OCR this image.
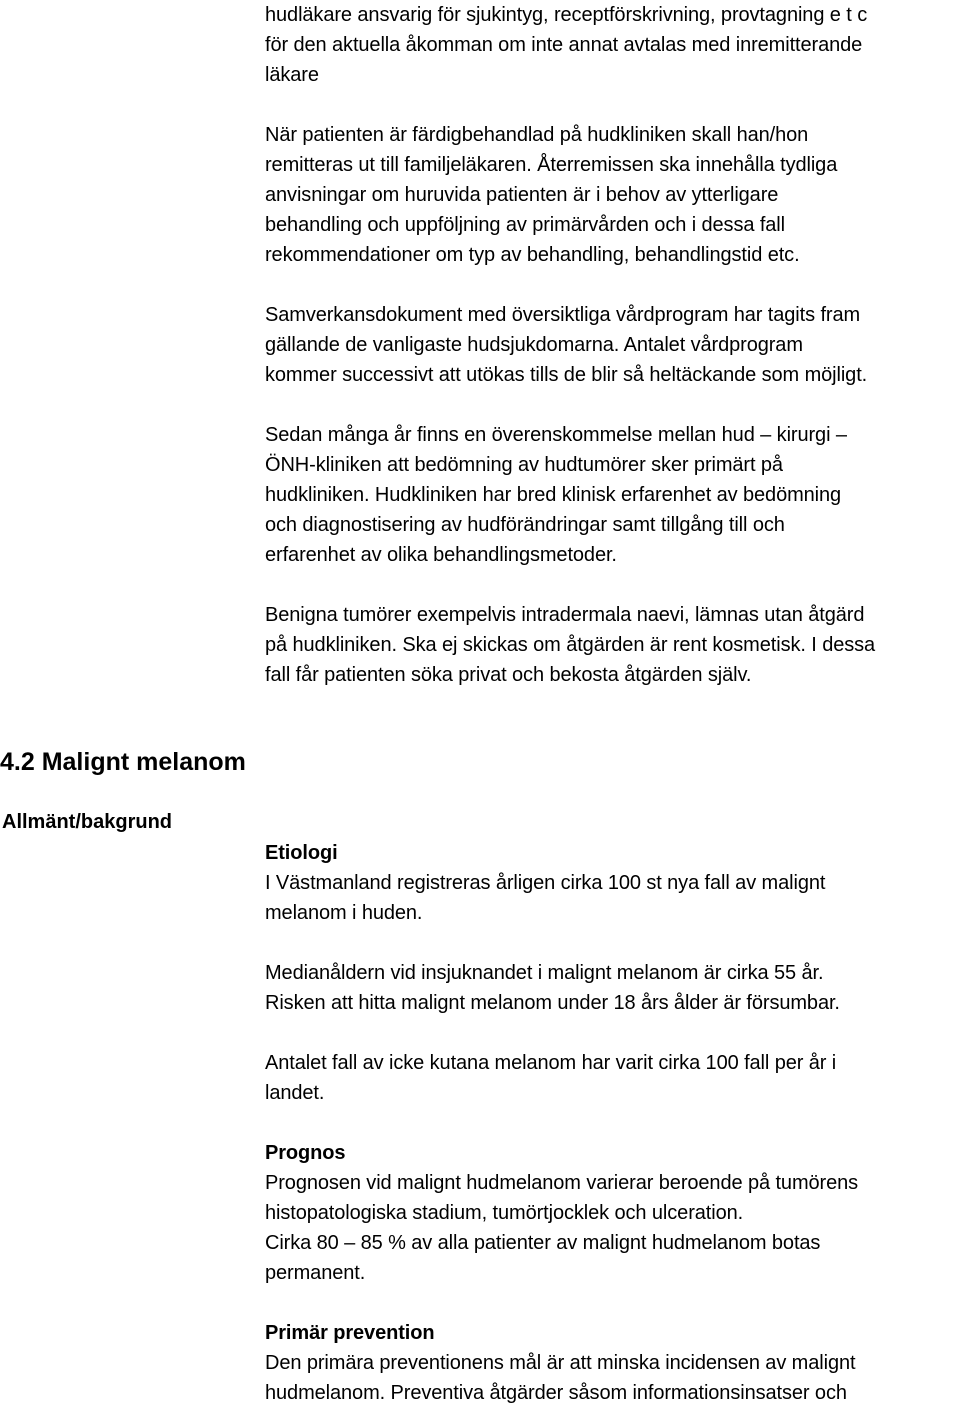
hudläkare ansvarig för sjukintyg, receptförskrivning, provtagning e t c
för den aktuella åkomman om inte annat avtalas med inremitterande
läkare

När patienten är färdigbehandlad på hudkliniken skall han/hon
remitteras ut till familjeläkaren. Återremissen ska innehålla tydliga
anvisningar om huruvida patienten är i behov av ytterligare
behandling och uppföljning av primärvården och i dessa fall
rekommendationer om typ av behandling, behandlingstid etc.

Samverkansdokument med översiktliga vårdprogram har tagits fram
gällande de vanligaste hudsjukdomarna. Antalet vårdprogram
kommer successivt att utökas tills de blir så heltäckande som möjligt.

Sedan många år finns en överenskommelse mellan hud – kirurgi –
ÖNH-kliniken att bedömning av hudtumörer sker primärt på
hudkliniken. Hudkliniken har bred klinisk erfarenhet av bedömning
och diagnostisering av hudförändringar samt tillgång till och
erfarenhet av olika behandlingsmetoder.

Benigna tumörer exempelvis intradermala naevi, lämnas utan åtgärd
på hudkliniken. Ska ej skickas om åtgärden är rent kosmetisk. I dessa
fall får patienten söka privat och bekosta åtgärden själv.

4.2 Malignt melanom
Allmänt/bakgrund

Etiologi
I Västmanland registreras årligen cirka 100 st nya fall av malignt
melanom i huden.

Medianåldern vid insjuknandet i malignt melanom är cirka 55 år.
Risken att hitta malignt melanom under 18 års ålder är försumbar.

Antalet fall av icke kutana melanom har varit cirka 100 fall per år i
landet.

Prognos
Prognosen vid malignt hudmelanom varierar beroende på tumörens
histopatologiska stadium, tumörtjocklek och ulceration.
Cirka 80 – 85 % av alla patienter av malignt hudmelanom botas
permanent.

Primär prevention
Den primära preventionens mål är att minska incidensen av malignt
hudmelanom. Preventiva åtgärder såsom informationsinsatser och
